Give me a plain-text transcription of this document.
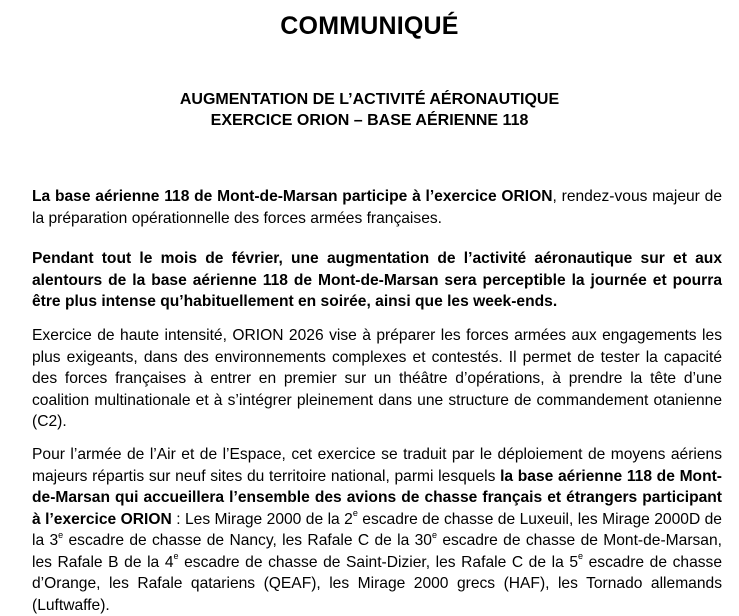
COMMUNIQUÉ
AUGMENTATION DE L’ACTIVITÉ AÉRONAUTIQUE
EXERCICE ORION – BASE AÉRIENNE 118

La base aérienne 118 de Mont-de-Marsan participe à l’exercice ORION, rendez-vous majeur de la préparation opérationnelle des forces armées françaises.

Pendant tout le mois de février, une augmentation de l’activité aéronautique sur et aux alentours de la base aérienne 118 de Mont-de-Marsan sera perceptible la journée et pourra être plus intense qu’habituellement en soirée, ainsi que les week-ends.

Exercice de haute intensité, ORION 2026 vise à préparer les forces armées aux engagements les plus exigeants, dans des environnements complexes et contestés. Il permet de tester la capacité des forces françaises à entrer en premier sur un théâtre d’opérations, à prendre la tête d’une coalition multinationale et à s’intégrer pleinement dans une structure de commandement otanienne (C2).

Pour l’armée de l’Air et de l’Espace, cet exercice se traduit par le déploiement de moyens aériens majeurs répartis sur neuf sites du territoire national, parmi lesquels la base aérienne 118 de Mont-de-Marsan qui accueillera l’ensemble des avions de chasse français et étrangers participant à l’exercice ORION : Les Mirage 2000 de la 2e escadre de chasse de Luxeuil, les Mirage 2000D de la 3e escadre de chasse de Nancy, les Rafale C de la 30e escadre de chasse de Mont-de-Marsan, les Rafale B de la 4e escadre de chasse de Saint-Dizier, les Rafale C de la 5e escadre de chasse d’Orange, les Rafale qatariens (QEAF), les Mirage 2000 grecs (HAF), les Tornado allemands (Luftwaffe).
